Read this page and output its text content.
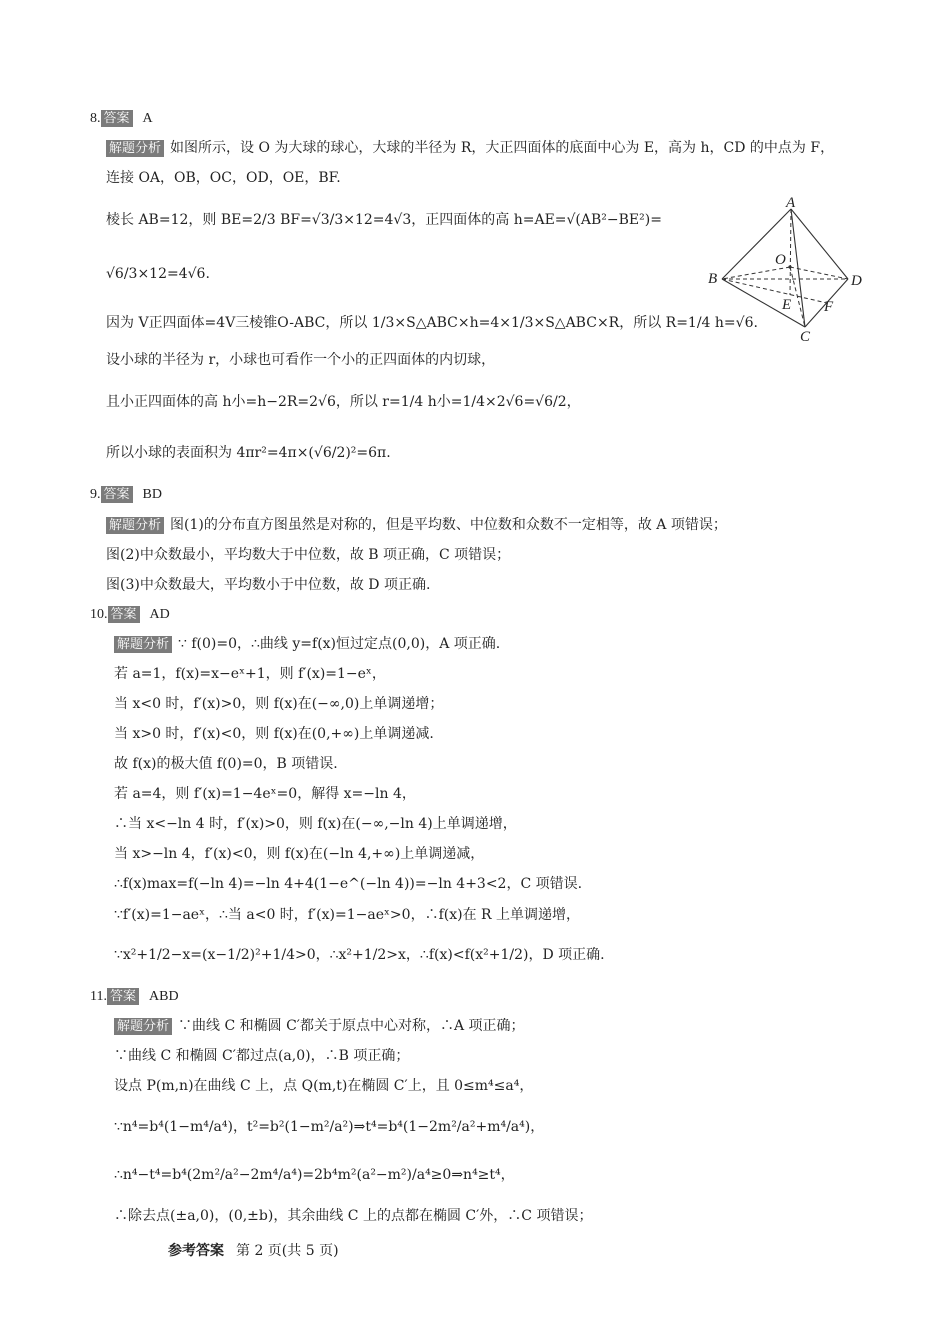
8. 答案 A
解题分析 如图所示，设 O 为大球的球心，大球的半径为 R，大正四面体的底面中心为 E，高为 h，CD 的中点为 F，
连接 OA，OB，OC，OD，OE，BF.
棱长 AB=12，则 BE=2/3 BF=√3/3×12=4√3，正四面体的高 h=AE=√(AB²−BE²)=
√6/3×12=4√6.
因为 V正四面体=4V三棱锥O-ABC，所以 1/3×S△ABC×h=4×1/3×S△ABC×R，所以 R=1/4 h=√6.
设小球的半径为 r，小球也可看作一个小的正四面体的内切球，
且小正四面体的高 h小=h−2R=2√6，所以 r=1/4 h小=1/4×2√6=√6/2，
所以小球的表面积为 4πr²=4π×(√6/2)²=6π.
A
B
C
D
O
E F
9. 答案 BD
解题分析 图(1)的分布直方图虽然是对称的，但是平均数、中位数和众数不一定相等，故 A 项错误；
图(2)中众数最小，平均数大于中位数，故 B 项正确，C 项错误；
图(3)中众数最大，平均数小于中位数，故 D 项正确.
10. 答案 AD
解题分析 ∵ f(0)=0，∴曲线 y=f(x)恒过定点(0,0)，A 项正确.
若 a=1，f(x)=x−eˣ+1，则 f′(x)=1−eˣ，
当 x<0 时，f′(x)>0，则 f(x)在(−∞,0)上单调递增；
当 x>0 时，f′(x)<0，则 f(x)在(0,+∞)上单调递减.
故 f(x)的极大值 f(0)=0，B 项错误.
若 a=4，则 f′(x)=1−4eˣ=0，解得 x=−ln 4，
∴当 x<−ln 4 时，f′(x)>0，则 f(x)在(−∞,−ln 4)上单调递增，
当 x>−ln 4，f′(x)<0，则 f(x)在(−ln 4,+∞)上单调递减，
∴f(x)max=f(−ln 4)=−ln 4+4(1−e^(−ln 4))=−ln 4+3<2，C 项错误.
∵f′(x)=1−aeˣ，∴当 a<0 时，f′(x)=1−aeˣ>0，∴f(x)在 R 上单调递增，
∵x²+1/2−x=(x−1/2)²+1/4>0，∴x²+1/2>x，∴f(x)<f(x²+1/2)，D 项正确.
11. 答案 ABD
解题分析 ∵曲线 C 和椭圆 C′都关于原点中心对称，∴A 项正确；
∵曲线 C 和椭圆 C′都过点(a,0)，∴B 项正确；
设点 P(m,n)在曲线 C 上，点 Q(m,t)在椭圆 C′上，且 0≤m⁴≤a⁴，
∵n⁴=b⁴(1−m⁴/a⁴)，t²=b²(1−m²/a²)⇒t⁴=b⁴(1−2m²/a²+m⁴/a⁴)，
∴n⁴−t⁴=b⁴(2m²/a²−2m⁴/a⁴)=2b⁴m²(a²−m²)/a⁴≥0⇒n⁴≥t⁴，
∴除去点(±a,0)，(0,±b)，其余曲线 C 上的点都在椭圆 C′外，∴C 项错误；
参考答案 第 2 页(共 5 页)
